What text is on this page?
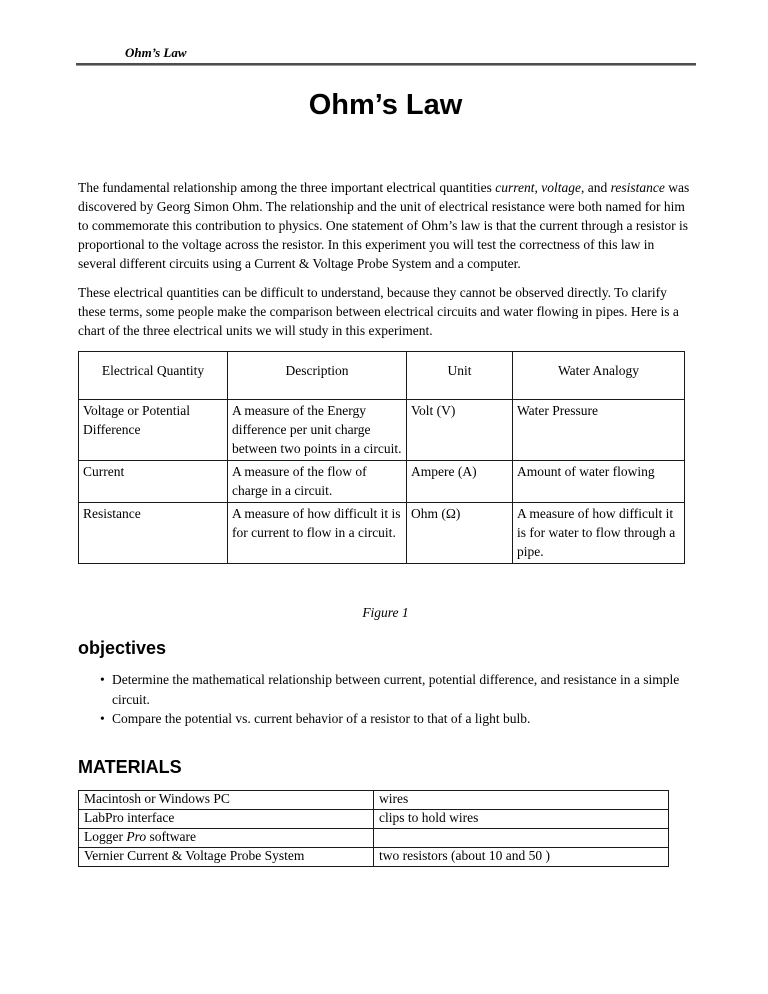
Ohm’s Law
Ohm’s Law

The fundamental relationship among the three important electrical quantities current, voltage, and resistance was discovered by Georg Simon Ohm. The relationship and the unit of electrical resistance were both named for him to commemorate this contribution to physics. One statement of Ohm’s law is that the current through a resistor is proportional to the voltage across the resistor. In this experiment you will test the correctness of this law in several different circuits using a Current & Voltage Probe System and a computer.

These electrical quantities can be difficult to understand, because they cannot be observed directly. To clarify these terms, some people make the comparison between electrical circuits and water flowing in pipes. Here is a chart of the three electrical units we will study in this experiment.

Electrical Quantity	Description	Unit	Water Analogy
Voltage or Potential Difference	A measure of the Energy difference per unit charge between two points in a circuit.	Volt (V)	Water Pressure
Current	A measure of the flow of charge in a circuit.	Ampere (A)	Amount of water flowing
Resistance	A measure of how difficult it is for current to flow in a circuit.	Ohm (Ω)	A measure of how difficult it is for water to flow through a pipe.

Figure 1

objectives
• Determine the mathematical relationship between current, potential difference, and resistance in a simple circuit.
• Compare the potential vs. current behavior of a resistor to that of a light bulb.
MATERIALS
Macintosh or Windows PC	wires
LabPro interface	clips to hold wires
Logger Pro software	
Vernier Current & Voltage Probe System	two resistors (about 10 and 50 )
